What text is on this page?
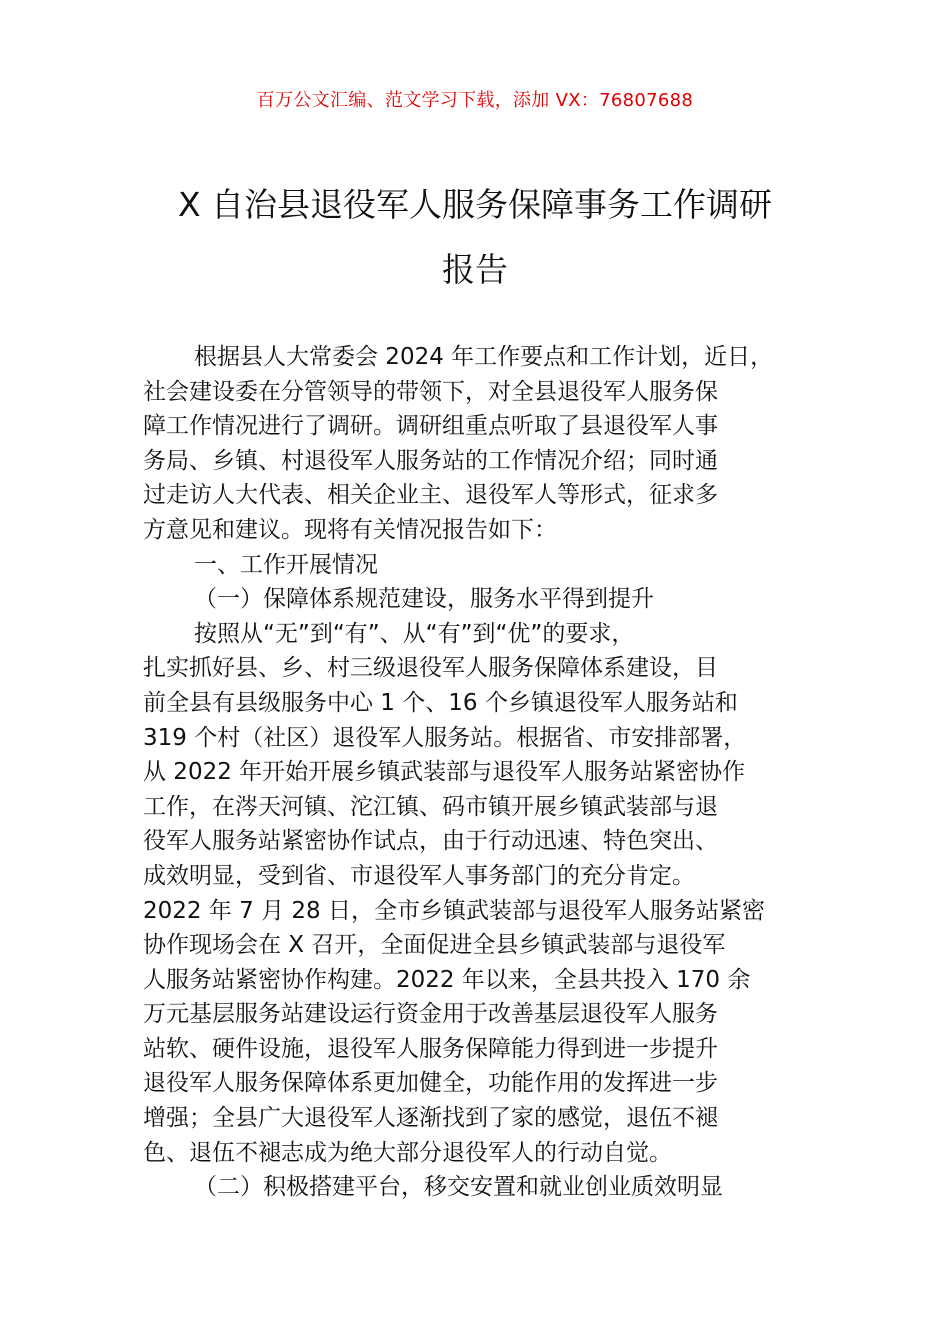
百万公文汇编、范文学习下载，添加 VX：76807688
X 自治县退役军人服务保障事务工作调研
报告
根据县人大常委会 2024 年工作要点和工作计划，近日，
社会建设委在分管领导的带领下，对全县退役军人服务保
障工作情况进行了调研。调研组重点听取了县退役军人事
务局、乡镇、村退役军人服务站的工作情况介绍；同时通
过走访人大代表、相关企业主、退役军人等形式，征求多
方意见和建议。现将有关情况报告如下：
一、工作开展情况
（一）保障体系规范建设，服务水平得到提升
按照从“无”到“有”、从“有”到“优”的要求，
扎实抓好县、乡、村三级退役军人服务保障体系建设，目
前全县有县级服务中心 1 个、16 个乡镇退役军人服务站和
319 个村（社区）退役军人服务站。根据省、市安排部署，
从 2022 年开始开展乡镇武装部与退役军人服务站紧密协作
工作，在涔天河镇、沱江镇、码市镇开展乡镇武装部与退
役军人服务站紧密协作试点，由于行动迅速、特色突出、
成效明显，受到省、市退役军人事务部门的充分肯定。
2022 年 7 月 28 日，全市乡镇武装部与退役军人服务站紧密
协作现场会在 X 召开，全面促进全县乡镇武装部与退役军
人服务站紧密协作构建。2022 年以来，全县共投入 170 余
万元基层服务站建设运行资金用于改善基层退役军人服务
站软、硬件设施，退役军人服务保障能力得到进一步提升
退役军人服务保障体系更加健全，功能作用的发挥进一步
增强；全县广大退役军人逐渐找到了家的感觉，退伍不褪
色、退伍不褪志成为绝大部分退役军人的行动自觉。
（二）积极搭建平台，移交安置和就业创业质效明显
